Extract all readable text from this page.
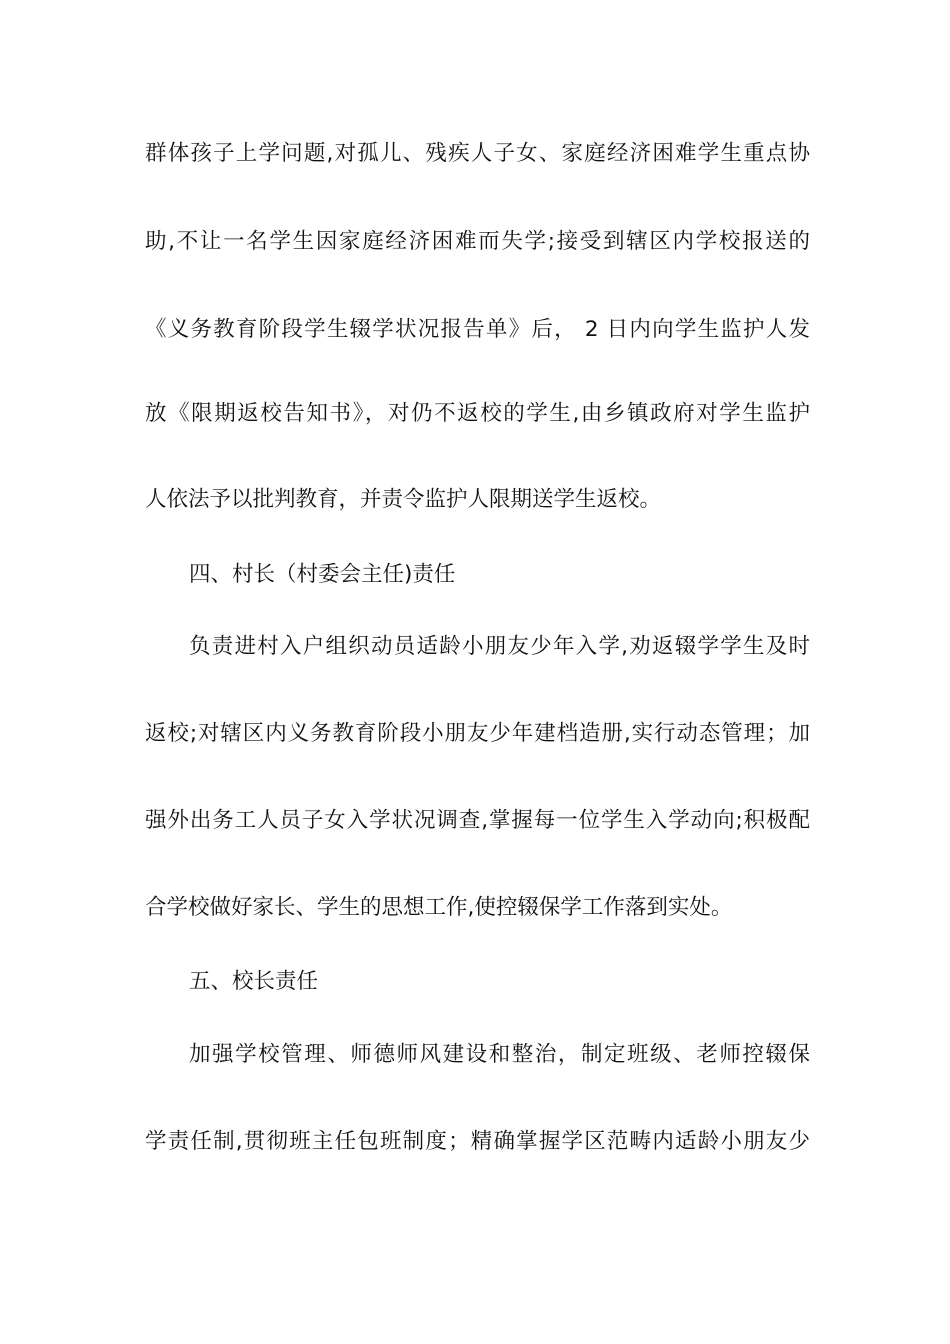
群体孩子上学问题,对孤儿、残疾人子女、家庭经济困难学生重点协
助,不让一名学生因家庭经济困难而失学;接受到辖区内学校报送的
《义务教育阶段学生辍学状况报告单》后， 2 日内向学生监护人发
放《限期返校告知书》，对仍不返校的学生,由乡镇政府对学生监护
人依法予以批判教育，并责令监护人限期送学生返校。
四、村长（村委会主任)责任
负责进村入户组织动员适龄小朋友少年入学,劝返辍学学生及时
返校;对辖区内义务教育阶段小朋友少年建档造册,实行动态管理；加
强外出务工人员子女入学状况调查,掌握每一位学生入学动向;积极配
合学校做好家长、学生的思想工作,使控辍保学工作落到实处。
五、校长责任
加强学校管理、师德师风建设和整治，制定班级、老师控辍保
学责任制,贯彻班主任包班制度；精确掌握学区范畴内适龄小朋友少
